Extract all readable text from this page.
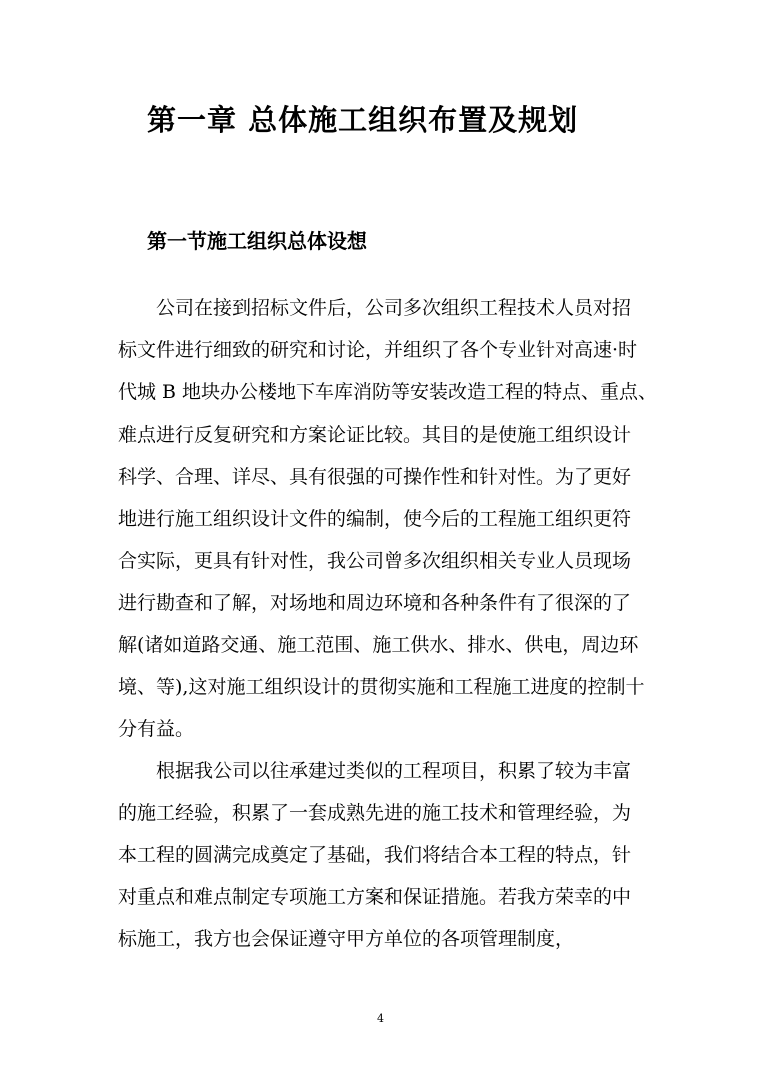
第一章 总体施工组织布置及规划
第一节施工组织总体设想
公司在接到招标文件后，公司多次组织工程技术人员对招
标文件进行细致的研究和讨论，并组织了各个专业针对高速·时
代城 B 地块办公楼地下车库消防等安装改造工程的特点、重点、
难点进行反复研究和方案论证比较。其目的是使施工组织设计
科学、合理、详尽、具有很强的可操作性和针对性。为了更好
地进行施工组织设计文件的编制，使今后的工程施工组织更符
合实际，更具有针对性，我公司曾多次组织相关专业人员现场
进行勘查和了解，对场地和周边环境和各种条件有了很深的了
解(诸如道路交通、施工范围、施工供水、排水、供电，周边环
境、等),这对施工组织设计的贯彻实施和工程施工进度的控制十
分有益。
根据我公司以往承建过类似的工程项目，积累了较为丰富
的施工经验，积累了一套成熟先进的施工技术和管理经验，为
本工程的圆满完成奠定了基础，我们将结合本工程的特点，针
对重点和难点制定专项施工方案和保证措施。若我方荣幸的中
标施工，我方也会保证遵守甲方单位的各项管理制度，
4
